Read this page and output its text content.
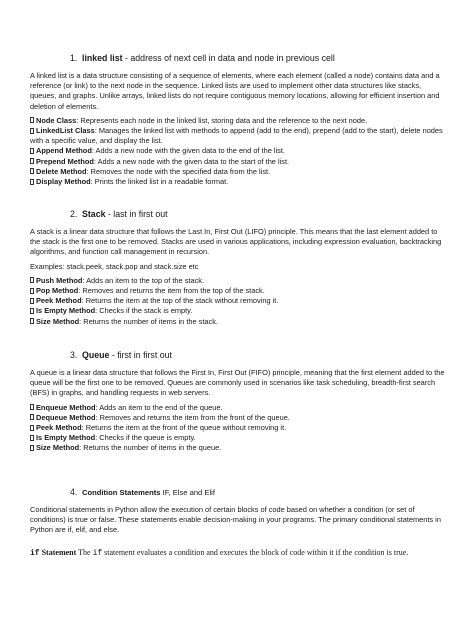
1. linked list - address of next cell in data and node in previous cell

A linked list is a data structure consisting of a sequence of elements, where each element (called a node) contains data and a reference (or link) to the next node in the sequence. Linked lists are used to implement other data structures like stacks, queues, and graphs. Unlike arrays, linked lists do not require contiguous memory locations, allowing for efficient insertion and deletion of elements.

Node Class: Represents each node in the linked list, storing data and the reference to the next node.
LinkedList Class: Manages the linked list with methods to append (add to the end), prepend (add to the start), delete nodes with a specific value, and display the list.
Append Method: Adds a new node with the given data to the end of the list.
Prepend Method: Adds a new node with the given data to the start of the list.
Delete Method: Removes the node with the specified data from the list.
Display Method: Prints the linked list in a readable format.
2. Stack - last in first out

A stack is a linear data structure that follows the Last In, First Out (LIFO) principle. This means that the last element added to the stack is the first one to be removed. Stacks are used in various applications, including expression evaluation, backtracking algorithms, and function call management in recursion.

Examples: stack.peek, stack.pop and stack.size etc

Push Method: Adds an item to the top of the stack.
Pop Method: Removes and returns the item from the top of the stack.
Peek Method: Returns the item at the top of the stack without removing it.
Is Empty Method: Checks if the stack is empty.
Size Method: Returns the number of items in the stack.
3. Queue - first in first out

A queue is a linear data structure that follows the First In, First Out (FIFO) principle, meaning that the first element added to the queue will be the first one to be removed. Queues are commonly used in scenarios like task scheduling, breadth-first search (BFS) in graphs, and handling requests in web servers.

Enqueue Method: Adds an item to the end of the queue.
Dequeue Method: Removes and returns the item from the front of the queue.
Peek Method: Returns the item at the front of the queue without removing it.
Is Empty Method: Checks if the queue is empty.
Size Method: Returns the number of items in the queue.
4. Condition Statements IF, Else and Elif

Conditional statements in Python allow the execution of certain blocks of code based on whether a condition (or set of conditions) is true or false. These statements enable decision-making in your programs. The primary conditional statements in Python are if, elif, and else.

if Statement The if statement evaluates a condition and executes the block of code within it if the condition is true.
